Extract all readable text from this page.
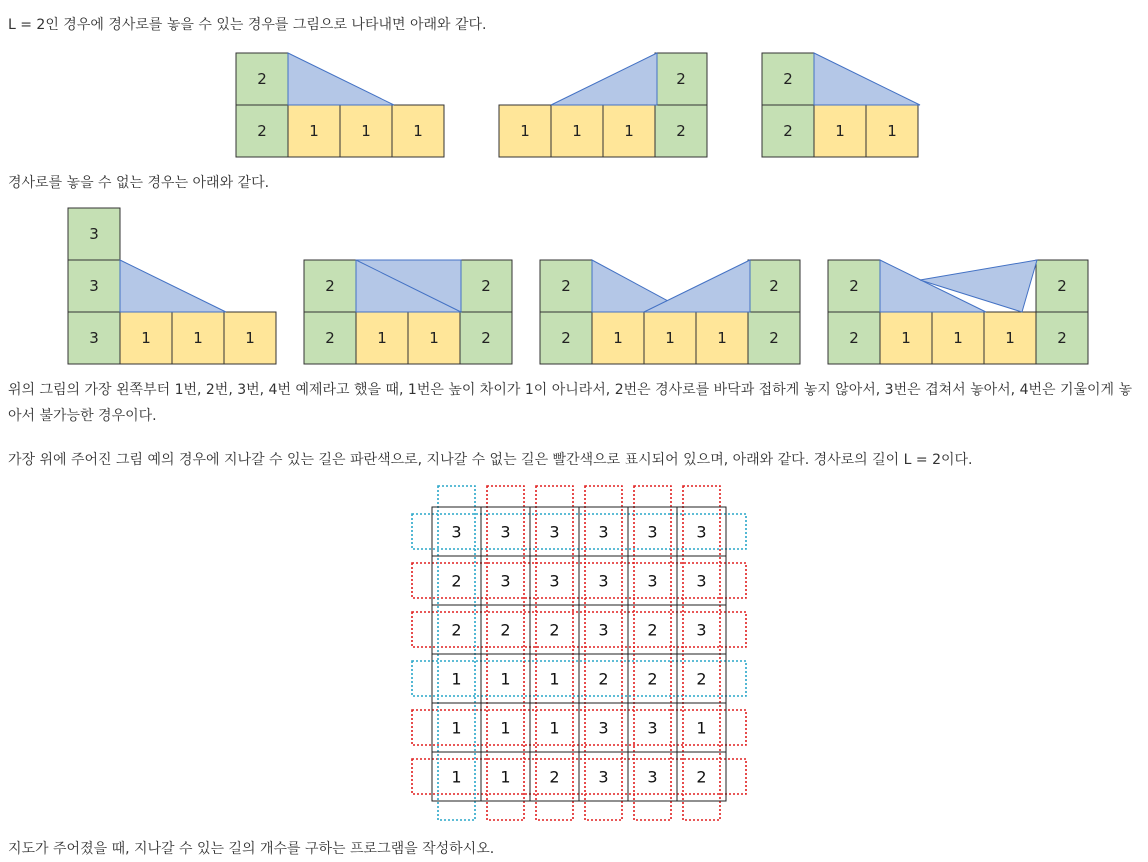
L = 2인 경우에 경사로를 놓을 수 있는 경우를 그림으로 나타내면 아래와 같다.

2
2
1	1	1	1	1	1	2
2
2
2
1	1

경사로를 놓을 수 없는 경우는 아래와 같다.

3
3
3
1	1	1	2
2
1	1	2
2
2
2
1	1	1	2
2
2
2
1	1	1	2
2

위의 그림의 가장 왼쪽부터 1번, 2번, 3번, 4번 예제라고 했을 때, 1번은 높이 차이가 1이 아니라서, 2번은 경사로를 바닥과 접하게 놓지 않아서, 3번은 겹쳐서 놓아서, 4번은 기울이게 놓아서 불가능한 경우이다.

가장 위에 주어진 그림 예의 경우에 지나갈 수 있는 길은 파란색으로, 지나갈 수 없는 길은 빨간색으로 표시되어 있으며, 아래와 같다. 경사로의 길이 L = 2이다.

3 3 3 3 3 3
2 3 3 3 3 3
2 2 2 3 2 3
1 1 1 2 2 2
1 1 1 3 3 1
1 1 2 3 3 2

지도가 주어졌을 때, 지나갈 수 있는 길의 개수를 구하는 프로그램을 작성하시오.
